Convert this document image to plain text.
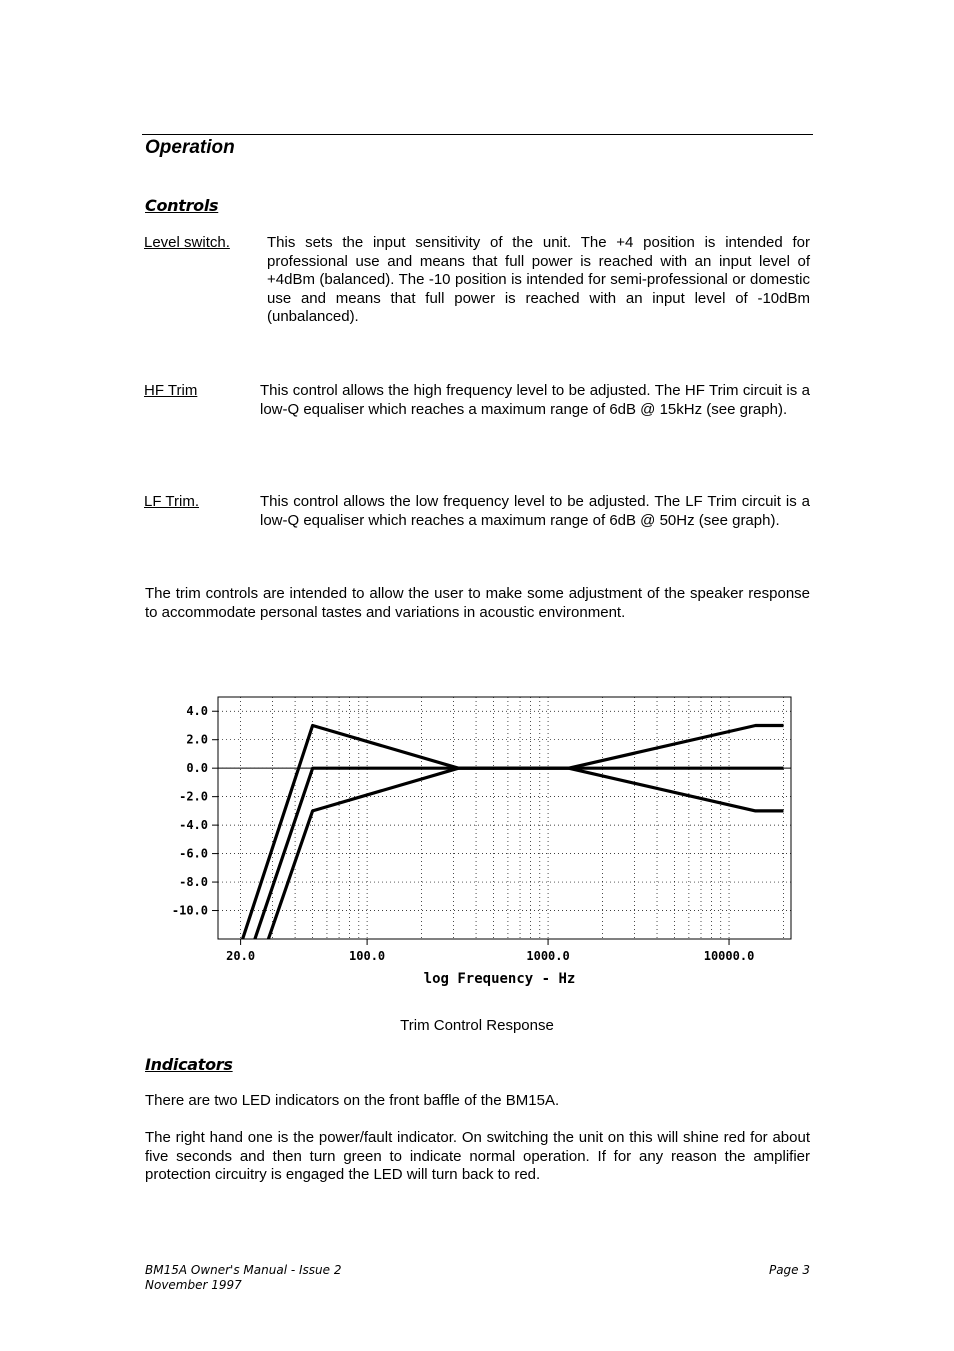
Operation
Controls
Level switch. This sets the input sensitivity of the unit. The +4 position is intended for professional use and means that full power is reached with an input level of +4dBm (balanced). The -10 position is intended for semi-professional or domestic use and means that full power is reached with an input level of -10dBm (unbalanced).
HF Trim	This control allows the high frequency level to be adjusted. The HF Trim circuit is a low-Q equaliser which reaches a maximum range of 6dB @ 15kHz (see graph).
LF Trim.	This control allows the low frequency level to be adjusted. The LF Trim circuit is a low-Q equaliser which reaches a maximum range of 6dB @ 50Hz (see graph).
The trim controls are intended to allow the user to make some adjustment of the speaker response to accommodate personal tastes and variations in acoustic environment.
4.0
2.0
0.0
-2.0
-4.0
-6.0
-8.0
-10.0
20.0	100.0	1000.0	10000.0
log Frequency - Hz
Trim Control Response
Indicators
There are two LED indicators on the front baffle of the BM15A.
The right hand one is the power/fault indicator. On switching the unit on this will shine red for about five seconds and then turn green to indicate normal operation. If for any reason the amplifier protection circuitry is engaged the LED will turn back to red.
BM15A Owner's Manual - Issue 2
November 1997
Page 3
